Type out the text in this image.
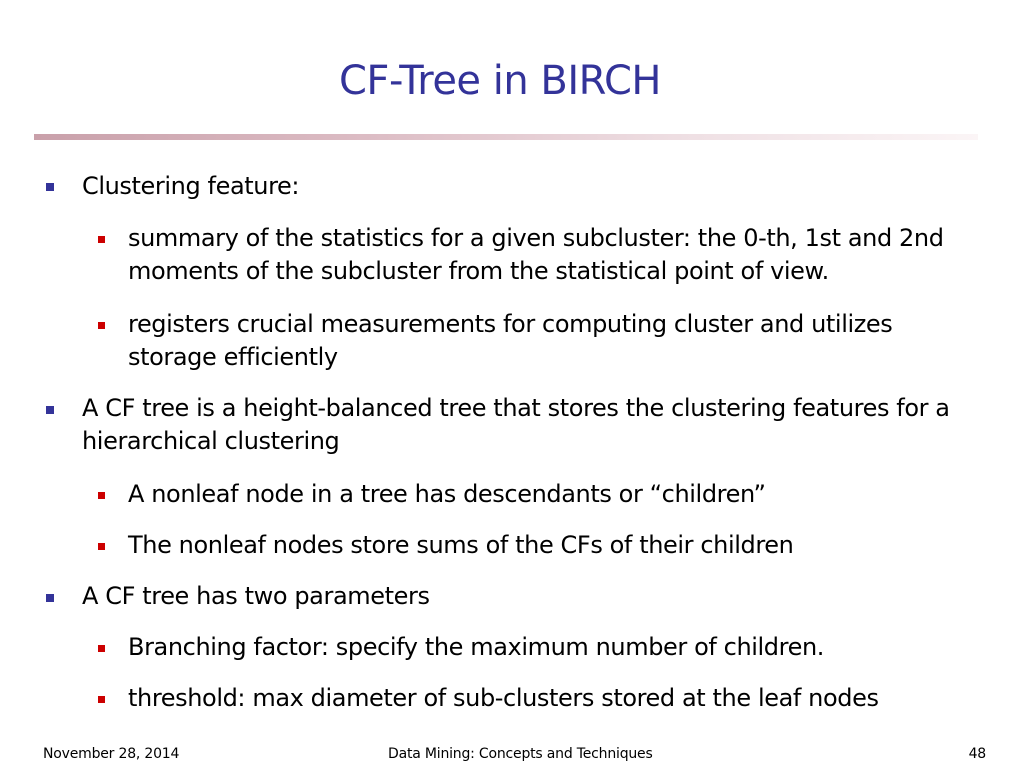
CF-Tree in BIRCH
Clustering feature:
summary of the statistics for a given subcluster: the 0-th, 1st and 2nd moments of the subcluster from the statistical point of view.
registers crucial measurements for computing cluster and utilizes storage efficiently
A CF tree is a height-balanced tree that stores the clustering features for a hierarchical clustering
A nonleaf node in a tree has descendants or “children”
The nonleaf nodes store sums of the CFs of their children
A CF tree has two parameters
Branching factor: specify the maximum number of children.
threshold: max diameter of sub-clusters stored at the leaf nodes
November 28, 2014	Data Mining: Concepts and Techniques	48
